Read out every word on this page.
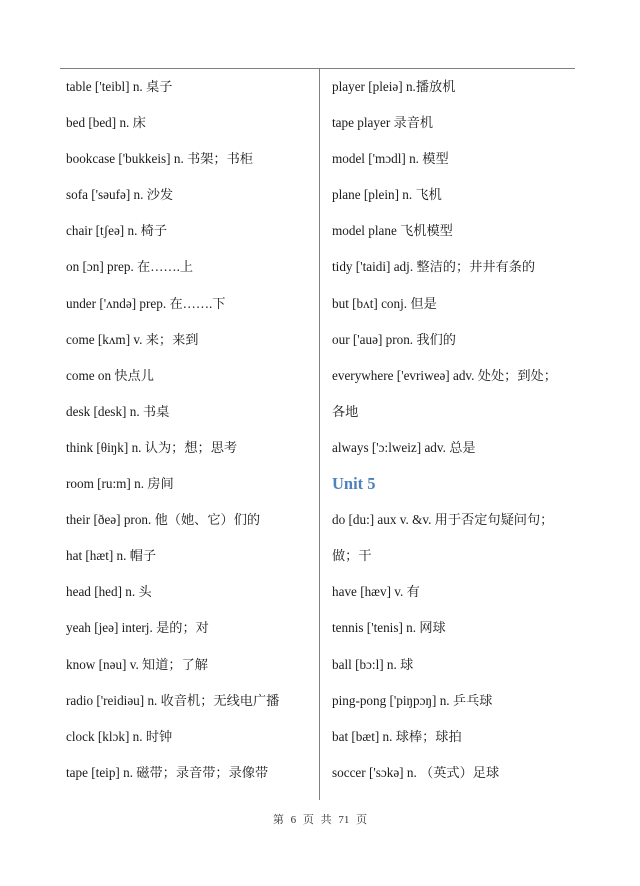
table ['teibl] n. 桌子
bed [bed] n. 床
bookcase ['bukkeis] n. 书架；书柜
sofa ['səufə] n. 沙发
chair [tʃeə] n. 椅子
on [ɔn] prep. 在…….上
under ['ʌndə] prep. 在…….下
come [kʌm] v. 来；来到
come on 快点儿
desk [desk] n. 书桌
think [θiŋk] n. 认为；想；思考
room [ru:m] n. 房间
their [ðeə] pron. 他（她、它）们的
hat [hæt] n. 帽子
head [hed] n. 头
yeah [jeə] interj. 是的；对
know [nəu] v. 知道；了解
radio ['reidiəu] n. 收音机；无线电广播
clock [klɔk] n. 时钟
tape [teip] n. 磁带；录音带；录像带
player [pleiə] n.播放机
tape player 录音机
model ['mɔdl] n. 模型
plane [plein] n. 飞机
model plane 飞机模型
tidy ['taidi] adj. 整洁的；井井有条的
but [bʌt] conj. 但是
our ['auə] pron. 我们的
everywhere ['evriweə] adv. 处处；到处；
各地
always ['ɔ:lweiz] adv. 总是
Unit 5
do [du:] aux v. &v. 用于否定句疑问句；
做；干
have [hæv] v. 有
tennis ['tenis] n. 网球
ball [bɔ:l] n. 球
ping-pong ['piŋpɔŋ] n. 乒乓球
bat [bæt] n. 球棒；球拍
soccer ['sɔkə] n. （英式）足球
第 6 页 共 71 页
